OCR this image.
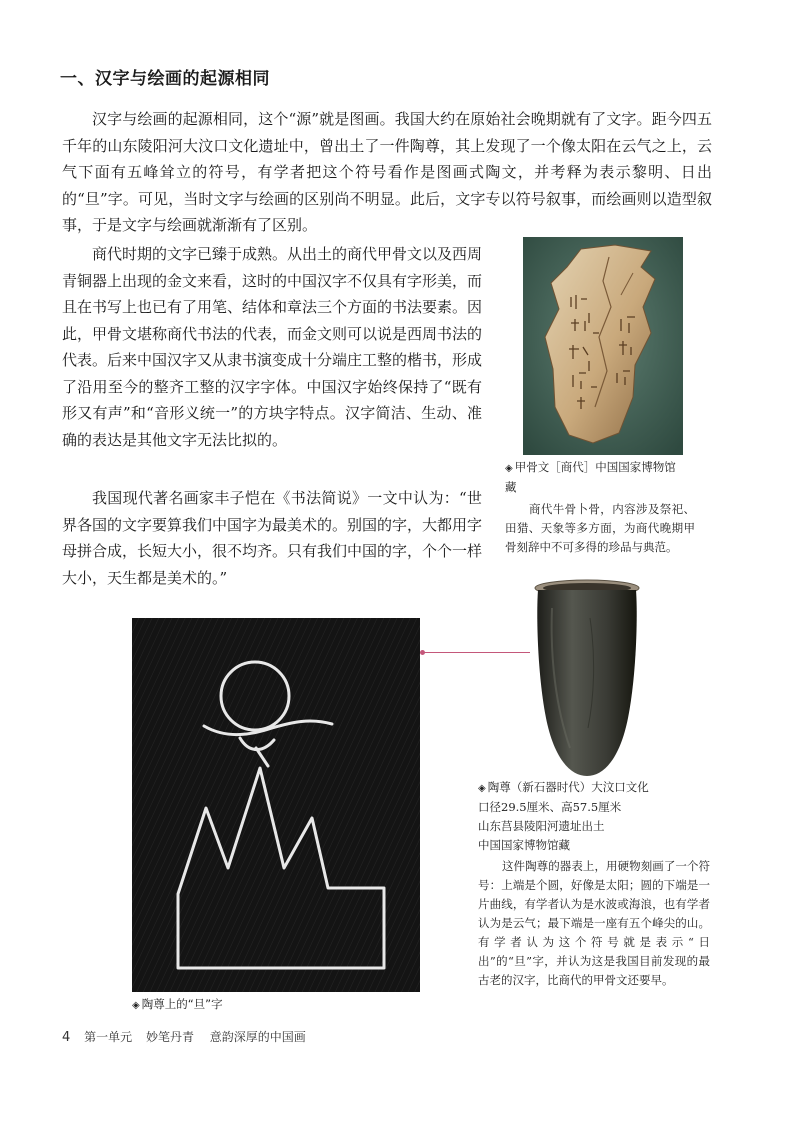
一、汉字与绘画的起源相同

汉字与绘画的起源相同，这个“源”就是图画。我国大约在原始社会晚期就有了文字。距今四五千年的山东陵阳河大汶口文化遗址中，曾出土了一件陶尊，其上发现了一个像太阳在云气之上，云气下面有五峰耸立的符号，有学者把这个符号看作是图画式陶文，并考释为表示黎明、日出的“旦”字。可见，当时文字与绘画的区别尚不明显。此后，文字专以符号叙事，而绘画则以造型叙事，于是文字与绘画就渐渐有了区别。

商代时期的文字已臻于成熟。从出土的商代甲骨文以及西周青铜器上出现的金文来看，这时的中国汉字不仅具有字形美，而且在书写上也已有了用笔、结体和章法三个方面的书法要素。因此，甲骨文堪称商代书法的代表，而金文则可以说是西周书法的代表。后来中国汉字又从隶书演变成十分端庄工整的楷书，形成了沿用至今的整齐工整的汉字字体。中国汉字始终保持了“既有形又有声”和“音形义统一”的方块字特点。汉字简洁、生动、准确的表达是其他文字无法比拟的。

我国现代著名画家丰子恺在《书法简说》一文中认为：“世界各国的文字要算我们中国字为最美术的。别国的字，大都用字母拼合成，长短大小，很不均齐。只有我们中国的字，个个一样大小，天生都是美术的。”

◈ 甲骨文［商代］中国国家博物馆藏
商代牛骨卜骨，内容涉及祭祀、田猎、天象等多方面，为商代晚期甲骨刻辞中不可多得的珍品与典范。
◈ 陶尊（新石器时代）大汶口文化
口径29.5厘米、高57.5厘米
山东莒县陵阳河遗址出土
中国国家博物馆藏
这件陶尊的器表上，用硬物刻画了一个符号：上端是个圆，好像是太阳；圆的下端是一片曲线，有学者认为是水波或海浪，也有学者认为是云气；最下端是一座有五个峰尖的山。有学者认为这个符号就是表示“日出”的“旦”字，并认为这是我国目前发现的最古老的汉字，比商代的甲骨文还要早。
◈ 陶尊上的“旦”字
4 第一单元 妙笔丹青 意韵深厚的中国画
